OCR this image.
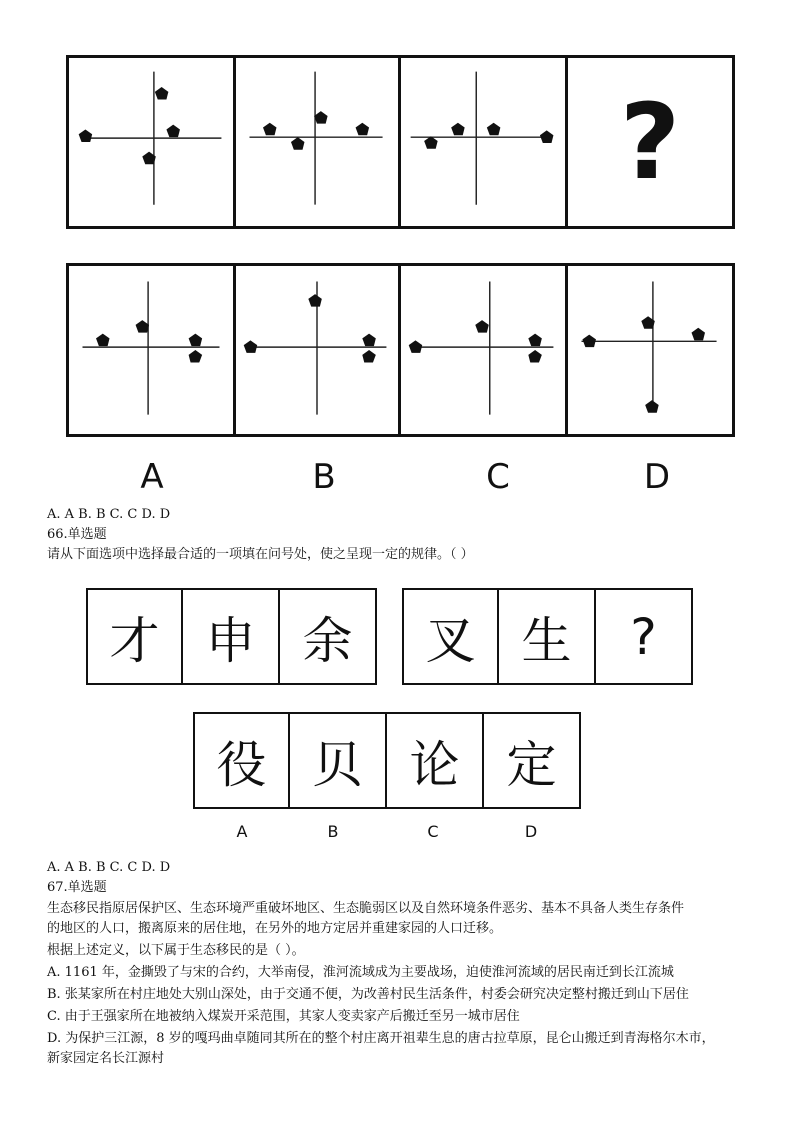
?
A	B	C	D
A. A B. B C. C D. D
66.单选题
请从下面选项中选择最合适的一项填在问号处，使之呈现一定的规律。（ ）
才 申 余	叉 生	?
役 贝 论 定
A	B	C	D
A. A B. B C. C D. D
67.单选题
生态移民指原居保护区、生态环境严重破坏地区、生态脆弱区以及自然环境条件恶劣、基本不具备人类生存条件
的地区的人口，搬离原来的居住地，在另外的地方定居并重建家园的人口迁移。
根据上述定义，以下属于生态移民的是（ ）。
A. 1161 年，金撕毁了与宋的合约，大举南侵，淮河流域成为主要战场，迫使淮河流域的居民南迁到长江流城
B. 张某家所在村庄地处大别山深处，由于交通不便，为改善村民生活条件，村委会研究决定整村搬迁到山下居住
C. 由于王强家所在地被纳入煤炭开采范围，其家人变卖家产后搬迁至另一城市居住
D. 为保护三江源，8 岁的嘎玛曲卓随同其所在的整个村庄离开祖辈生息的唐古拉草原，昆仑山搬迁到青海格尔木市，
新家园定名长江源村
